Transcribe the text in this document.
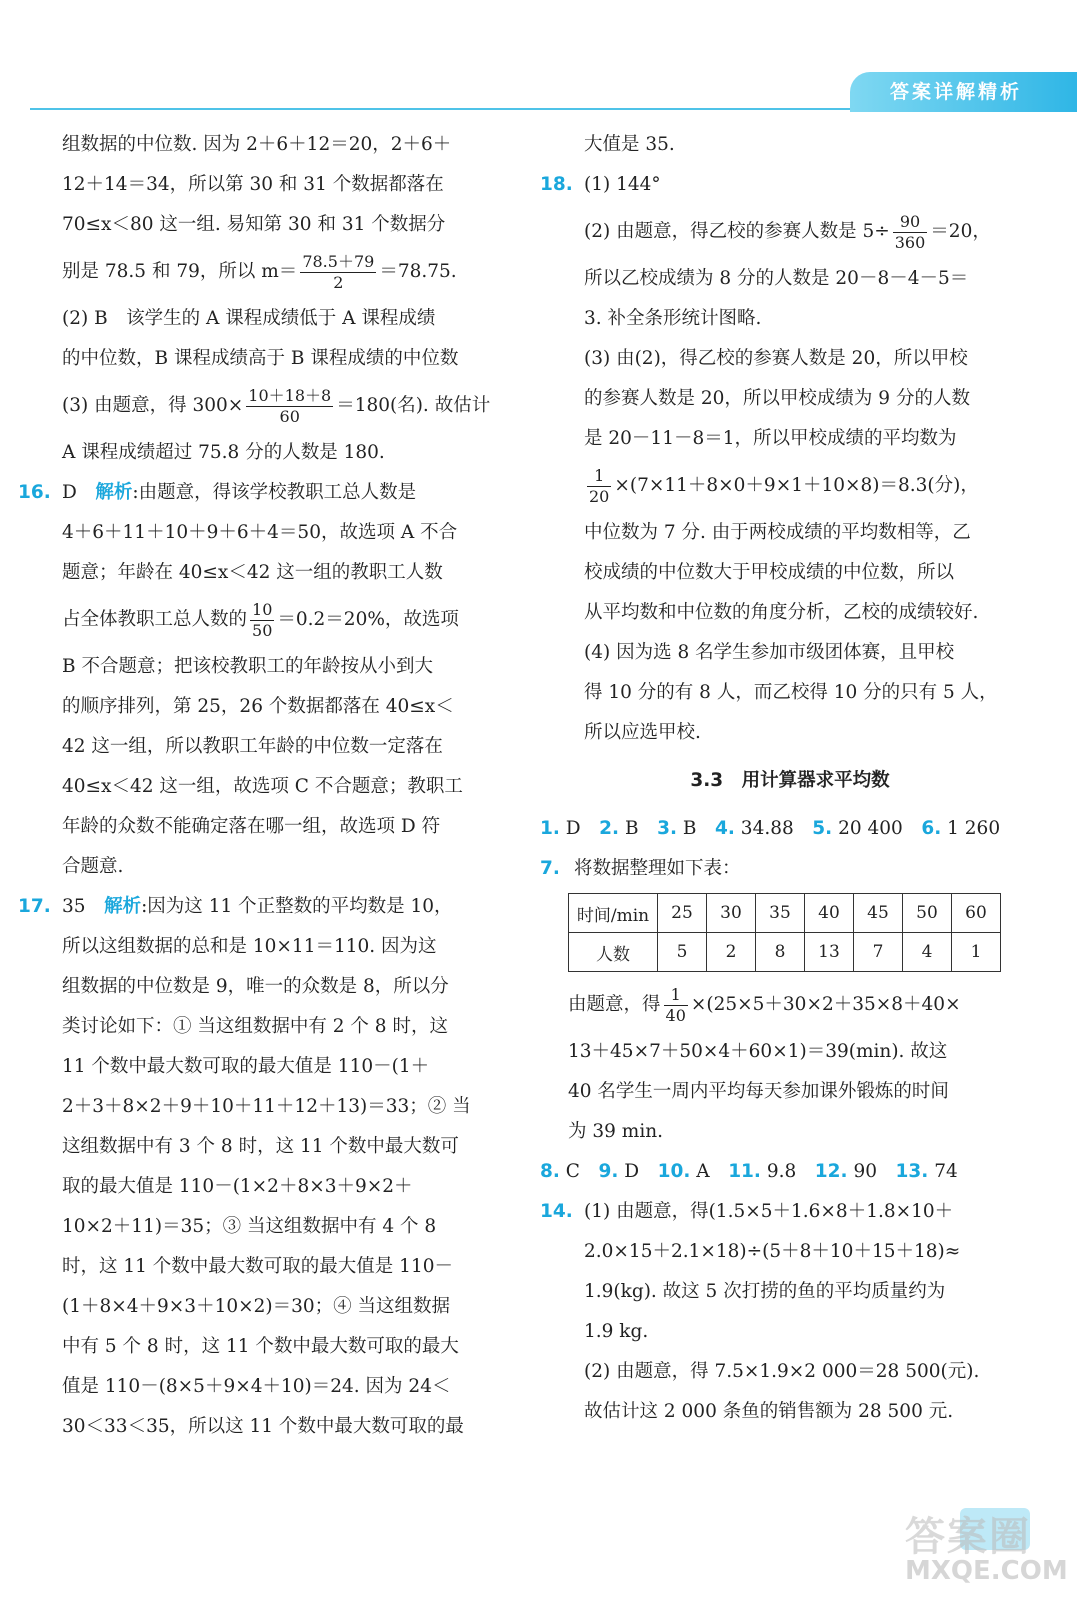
答案详解精析
组数据的中位数. 因为 2＋6＋12＝20，2＋6＋
12＋14＝34，所以第 30 和 31 个数据都落在
70≤x＜80 这一组. 易知第 30 和 31 个数据分
别是 78.5 和 79，所以 $m= \frac{78.5+79}{2} =78.75$.
(2) B　该学生的 A 课程成绩低于 A 课程成绩
的中位数，B 课程成绩高于 B 课程成绩的中位数
(3) 由题意，得 $300\times \frac{10+18+8}{60} =180$(名). 故估计
A 课程成绩超过 75.8 分的人数是 180.
16. D　 解析:由题意，得该学校教职工总人数是
4＋6＋11＋10＋9＋6＋4＝50，故选项 A 不合
题意；年龄在 40≤x＜42 这一组的教职工人数
占全体教职工总人数的 $\frac{10}{50} =0.2=20\%$，故选项
B 不合题意；把该校教职工的年龄按从小到大
的顺序排列，第 25，26 个数据都落在 40≤x＜
42 这一组，所以教职工年龄的中位数一定落在
40≤x＜42 这一组，故选项 C 不合题意；教职工
年龄的众数不能确定落在哪一组，故选项 D 符
合题意.
17. 35　 解析:因为这 11 个正整数的平均数是 10，
所以这组数据的总和是 10×11＝110. 因为这
组数据的中位数是 9，唯一的众数是 8，所以分
类讨论如下：① 当这组数据中有 2 个 8 时，这
11 个数中最大数可取的最大值是 110－(1＋
2＋3＋8×2＋9＋10＋11＋12＋13)＝33；② 当
这组数据中有 3 个 8 时，这 11 个数中最大数可
取的最大值是 110－(1×2＋8×3＋9×2＋
10×2＋11)＝35；③ 当这组数据中有 4 个 8
时，这 11 个数中最大数可取的最大值是 110－
(1＋8×4＋9×3＋10×2)＝30；④ 当这组数据
中有 5 个 8 时，这 11 个数中最大数可取的最大
值是 110－(8×5＋9×4＋10)＝24. 因为 24＜
30＜33＜35，所以这 11 个数中最大数可取的最
大值是 35.
18. (1) 144°
(2) 由题意，得乙校的参赛人数是 $5\div \frac{90}{360} =20$，
所以乙校成绩为 8 分的人数是 20－8－4－5＝
3. 补全条形统计图略.
(3) 由(2)，得乙校的参赛人数是 20，所以甲校
的参赛人数是 20，所以甲校成绩为 9 分的人数
是 20－11－8＝1，所以甲校成绩的平均数为
$\frac{1}{20} \times(7\times 11+8\times 0+9\times 1+10\times 8)=8.3$(分)，
中位数为 7 分. 由于两校成绩的平均数相等，乙
校成绩的中位数大于甲校成绩的中位数，所以
从平均数和中位数的角度分析，乙校的成绩较好.
(4) 因为选 8 名学生参加市级团体赛，且甲校
得 10 分的有 8 人，而乙校得 10 分的只有 5 人，
所以应选甲校.
3.3　用计算器求平均数
1. D　 2. B　 3. B　 4. 34.88　 5. 20 400　 6. 1 260
7. 将数据整理如下表：
时间/min	25	30	35	40	45	50	60
人数	5	2	8	13	7	4	1
由题意，得 $\frac{1}{40} \times(25\times 5+30\times 2+35\times 8+40\times$
13＋45×7＋50×4＋60×1)＝39(min). 故这
40 名学生一周内平均每天参加课外锻炼的时间
为 39 min.
8. C　 9. D　 10. A　 11. 9.8　 12. 90　 13. 74
14. (1) 由题意，得(1.5×5＋1.6×8＋1.8×10＋
2.0×15＋2.1×18)÷(5＋8＋10＋15＋18)≈
1.9(kg). 故这 5 次打捞的鱼的平均质量约为
1.9 kg.
(2) 由题意，得 7.5×1.9×2 000＝28 500(元).
故估计这 2 000 条鱼的销售额为 28 500 元.
答案圈
MXQE.COM
